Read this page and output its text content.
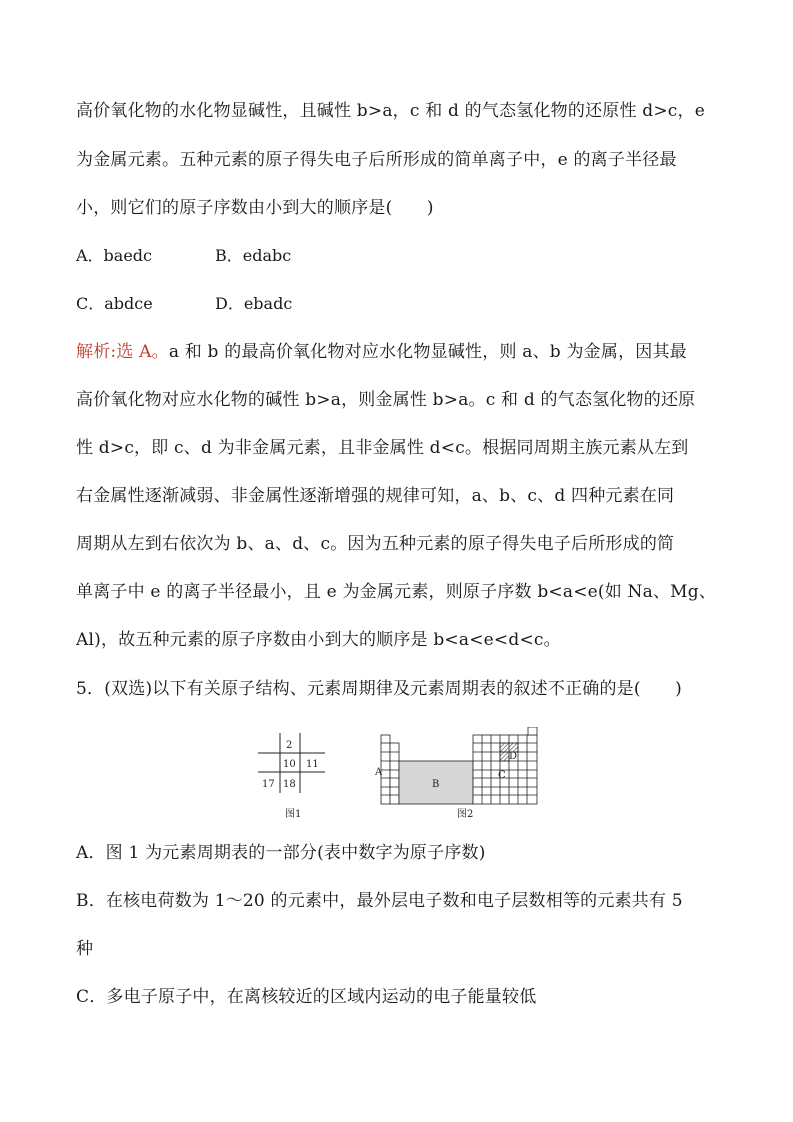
高价氧化物的水化物显碱性，且碱性 b>a，c 和 d 的气态氢化物的还原性 d>c，e
为金属元素。五种元素的原子得失电子后所形成的简单离子中，e 的离子半径最
小，则它们的原子序数由小到大的顺序是(　　)
A．baedc	B．edabc
C．abdce	D．ebadc
解析:选 A。a 和 b 的最高价氧化物对应水化物显碱性，则 a、b 为金属，因其最
高价氧化物对应水化物的碱性 b>a，则金属性 b>a。c 和 d 的气态氢化物的还原
性 d>c，即 c、d 为非金属元素，且非金属性 d<c。根据同周期主族元素从左到
右金属性逐渐减弱、非金属性逐渐增强的规律可知，a、b、c、d 四种元素在同
周期从左到右依次为 b、a、d、c。因为五种元素的原子得失电子后所形成的简
单离子中 e 的离子半径最小，且 e 为金属元素，则原子序数 b<a<e(如 Na、Mg、
Al)，故五种元素的原子序数由小到大的顺序是 b<a<e<d<c。
5．(双选)以下有关原子结构、元素周期律及元素周期表的叙述不正确的是(　　)
2
10 11
17 18
图1
A
B
C
D
图2
A．图 1 为元素周期表的一部分(表中数字为原子序数)
B．在核电荷数为 1～20 的元素中，最外层电子数和电子层数相等的元素共有 5
种
C．多电子原子中，在离核较近的区域内运动的电子能量较低
